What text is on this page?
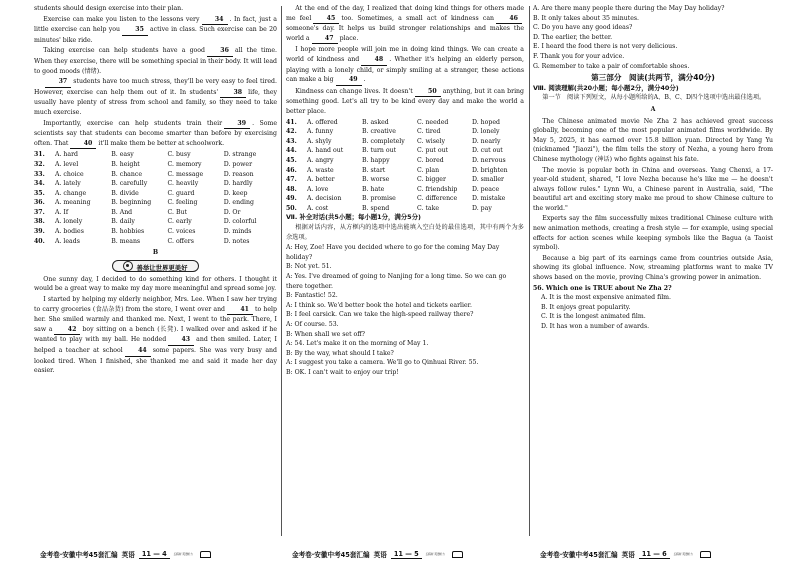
students should design exercise into their plan.

Exercise can make you listen to the lessons very 34 . In fact, just a little exercise can help you 35 active in class. Such exercise can be 20 minutes' bike ride.

Taking exercise can help students have a good 36 all the time. When they exercise, there will be something special in their body. It will lead to good moods (情绪).

37 students have too much stress, they'll be very easy to feel tired. However, exercise can help them out of it. In students' 38 life, they usually have plenty of stress from school and family, so they need to take much exercise.

Importantly, exercise can help students train their 39 . Some scientists say that students can become smarter than before by exercising often. That 40 it'll make them be better at schoolwork.

31.	A. hard	B. easy	C. busy	D. strange
32.	A. level	B. height	C. memory	D. power
33.	A. choice	B. chance	C. message	D. reason
34.	A. lately	B. carefully	C. heavily	D. hardly
35.	A. change	B. divide	C. guard	D. keep
36.	A. meaning	B. beginning	C. feeling	D. ending
37.	A. If	B. And	C. But	D. Or
38.	A. lonely	B. daily	C. early	D. colorful
39.	A. bodies	B. hobbies	C. voices	D. minds
40.	A. leads	B. means	C. offers	D. notes
B
善举让世界更美好

One sunny day, I decided to do something kind for others. I thought it would be a great way to make my day more meaningful and spread some joy.

I started by helping my elderly neighbor, Mrs. Lee. When I saw her trying to carry groceries (食品杂货) from the store, I went over and 41 to help her. She smiled warmly and thanked me. Next, I went to the park. There, I saw a 42 boy sitting on a bench (长凳). I walked over and asked if he wanted to play with my ball. He nodded 43 and then smiled. Later, I helped a teacher at school 44 some papers. She was very busy and looked tired. When I finished, she thanked me and said it made her day easier.

At the end of the day, I realized that doing kind things for others made me feel 45 too. Sometimes, a small act of kindness can 46someone's day. It helps us build stronger relationships and makes the world a 47 place.

I hope more people will join me in doing kind things. We can create a world of kindness and 48 . Whether it's helping an elderly person, playing with a lonely child, or simply smiling at a stranger, these actions can make a big 49 .

Kindness can change lives. It doesn't 50 anything, but it can bring something good. Let's all try to be kind every day and make the world a better place.

41.	A. offered	B. asked	C. needed	D. hoped
42.	A. funny	B. creative	C. tired	D. lonely
43.	A. shyly	B. completely	C. wisely	D. nearly
44.	A. hand out	B. turn out	C. put out	D. cut out
45.	A. angry	B. happy	C. bored	D. nervous
46.	A. waste	B. start	C. plan	D. brighten
47.	A. better	B. worse	C. bigger	D. smaller
48.	A. love	B. hate	C. friendship	D. peace
49.	A. decision	B. promise	C. difference	D. mistake
50.	A. cost	B. spend	C. take	D. pay
Ⅶ. 补全对话(共5小题；每小题1分，满分5分)

根据对话内容，从方框内的选项中选出能填入空白处的最佳选项，其中有两个为多余选项。

A: Hey, Zoe! Have you decided where to go for the coming May Day holiday?

B: Not yet. 51.

A: Yes. I've dreamed of going to Nanjing for a long time. So we can go there together.

B: Fantastic! 52.

A: I think so. We'd better book the hotel and tickets earlier.

B: I feel carsick. Can we take the high-speed railway there?

A: Of course. 53.

B: When shall we set off?

A: 54. Let's make it on the morning of May 1.

B: By the way, what should I take?

A: I suggest you take a camera. We'll go to Qinhuai River. 55.

B: OK. I can't wait to enjoy our trip!

A. Are there many people there during the May Day holiday?

B. It only takes about 35 minutes.

C. Do you have any good ideas?

D. The earlier, the better.

E. I heard the food there is not very delicious.

F. Thank you for your advice.

G. Remember to take a pair of comfortable shoes.

第三部分　阅读(共两节，满分40分)
Ⅷ. 阅读理解(共20小题；每小题2分，满分40分)

第一节　阅读下列短文，从每小题所给的A、B、C、D四个选项中选出最佳选项。

A

The Chinese animated movie Ne Zha 2 has achieved great success globally, becoming one of the most popular animated films worldwide. By May 5, 2025, it has earned over 15.8 billion yuan. Directed by Yang Yu (nicknamed "Jiaozi"), the film tells the story of Nezha, a young hero from Chinese mythology (神话) who fights against his fate.

The movie is popular both in China and overseas. Yang Chenxi, a 17-year-old student, shared, "I love Nezha because he's like me — he doesn't always follow rules." Lynn Wu, a Chinese parent in Australia, said, "The beautiful art and exciting story make me proud to show Chinese culture to the world."

Experts say the film successfully mixes traditional Chinese culture with new animation methods, creating a fresh style — for example, using special effects for action scenes while keeping symbols like the Bagua (a Taoist symbol).

Because a big part of its earnings came from countries outside Asia, showing its global influence. Now, streaming platforms want to make TV shows based on the movie, proving China's growing power in animation.

56. Which one is TRUE about Ne Zha 2?

A. It is the most expensive animated film.

B. It enjoys great popularity.

C. It is the longest animated film.

D. It has won a number of awards.

金考卷·安徽中考45套汇编 英语	11 — 4	扫码听 英语听力	金考卷·安徽中考45套汇编 英语	11 — 5	扫码听 英语听力	金考卷·安徽中考45套汇编 英语	11 — 6	扫码听 英语听力
